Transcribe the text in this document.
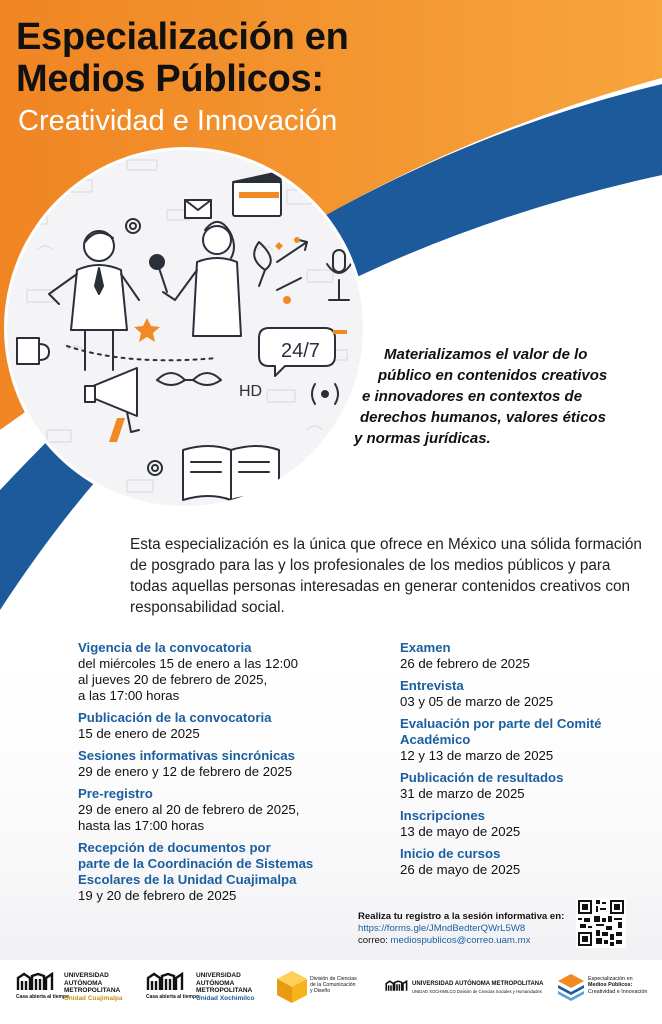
Especialización en
Medios Públicos:
Creatividad e Innovación
24/7
HD
Materializamos el valor de lo
público en contenidos creativos
e innovadores en contextos de
derechos humanos, valores éticos
y normas jurídicas.
Esta especialización es la única que ofrece en México una sólida formación de posgrado para las y los profesionales de los medios públicos y para todas aquellas personas interesadas en generar contenidos creativos con responsabilidad social.
Vigencia de la convocatoria
del miércoles 15 de enero a las 12:00
al jueves 20 de febrero de 2025,
a las 17:00 horas
Publicación de la convocatoria
15 de enero de 2025
Sesiones informativas sincrónicas
29 de enero y 12 de febrero de 2025
Pre-registro
29 de enero al 20 de febrero de 2025,
hasta las 17:00 horas
Recepción de documentos por
parte de la Coordinación de Sistemas
Escolares de la Unidad Cuajimalpa
19 y 20 de febrero de 2025
Examen
26 de febrero de 2025
Entrevista
03 y 05 de marzo de 2025
Evaluación por parte del Comité
Académico
12 y 13 de marzo de 2025
Publicación de resultados
31 de marzo de 2025
Inscripciones
13 de mayo de 2025
Inicio de cursos
26 de mayo de 2025
Realiza tu registro a la sesión informativa en:
https://forms.gle/JMndBedterQWrL5W8
correo: mediospublicos@correo.uam.mx
Casa abierta al tiempo
UNIVERSIDAD
AUTÓNOMA
METROPOLITANA
Unidad Cuajimalpa	Casa abierta al tiempo
UNIVERSIDAD
AUTÓNOMA
METROPOLITANA
Unidad Xochimilco
División de Ciencias
de la Comunicación
y Diseño
UNIVERSIDAD AUTÓNOMA METROPOLITANA
UNIDAD XOCHIMILCO División de Ciencias Sociales y Humanidades
Especialización en
Medios Públicos:
Creatividad e Innovación
